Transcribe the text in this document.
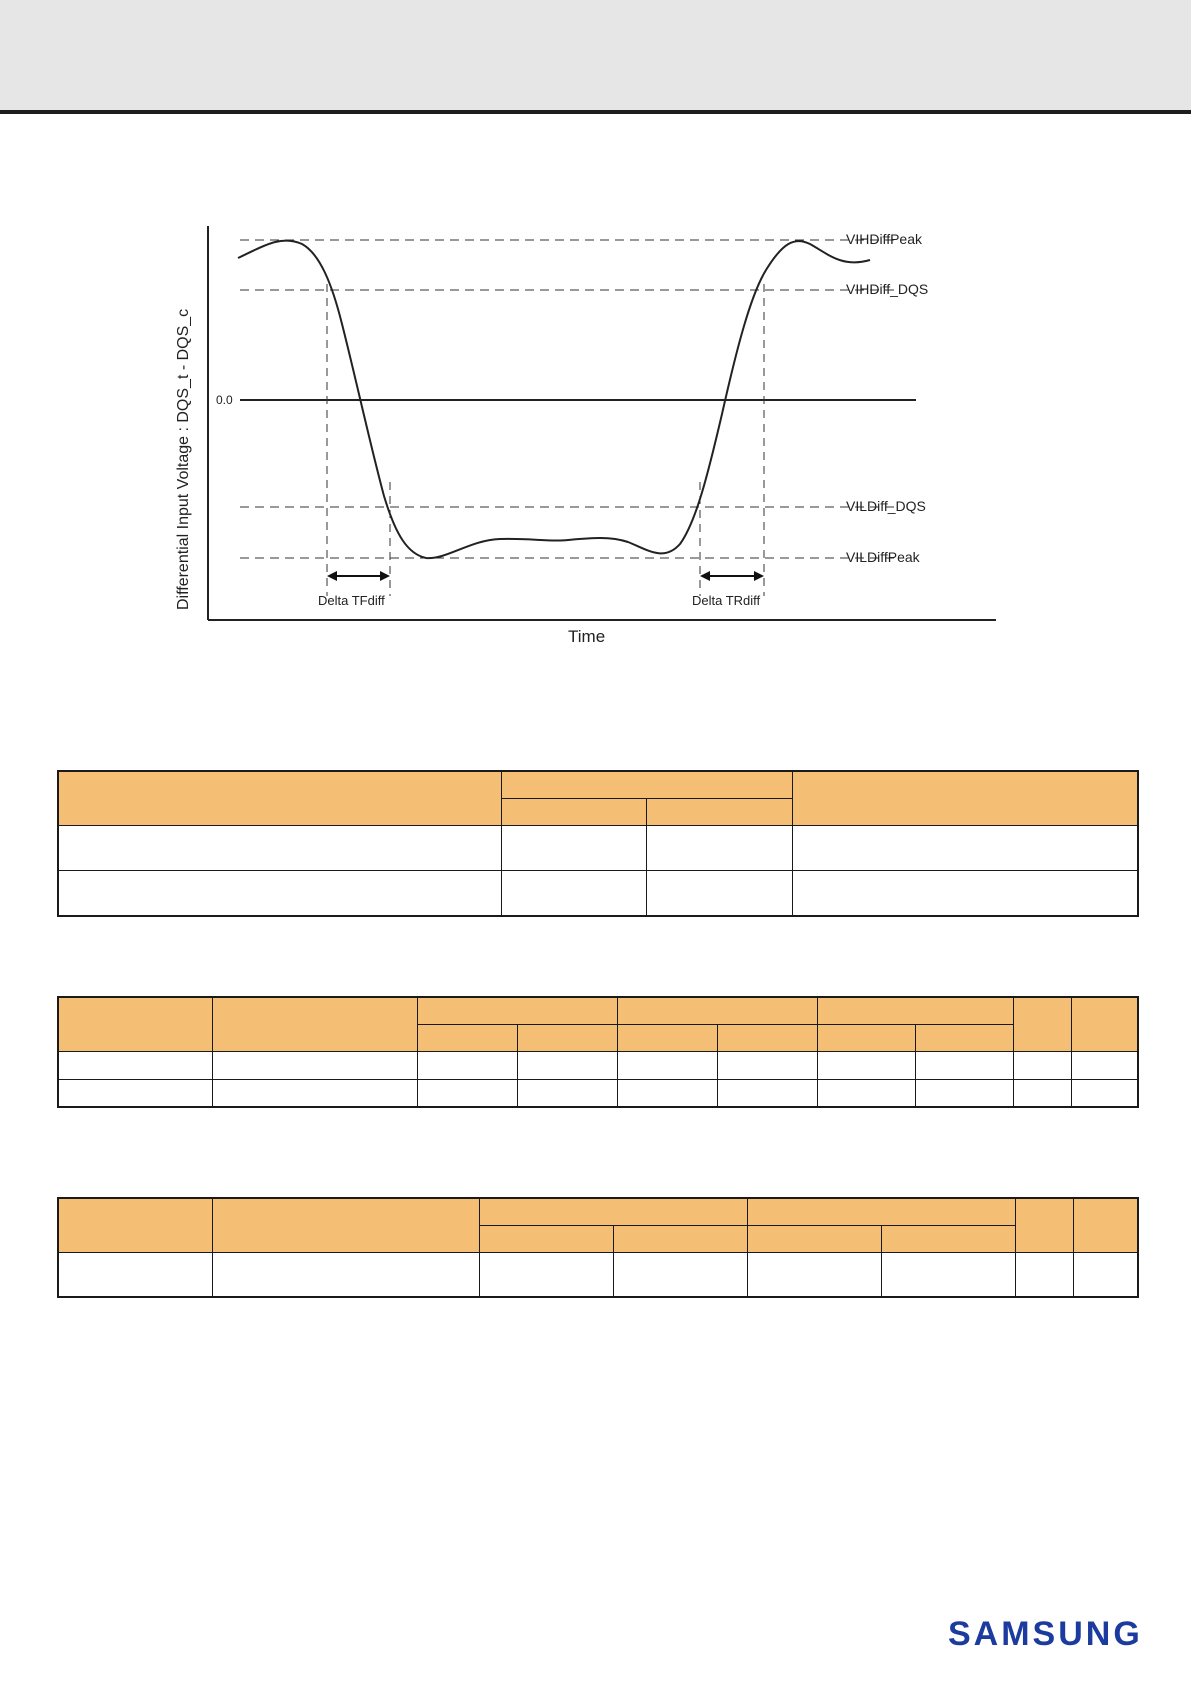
VIHDiffPeak
VIHDiff_DQS
VILDiff_DQS
VILDiffPeak
0.0
Delta TFdiff	Delta TRdiff
Time
Differential Input Voltage : DQS_t - DQS_c

SAMSUNG
